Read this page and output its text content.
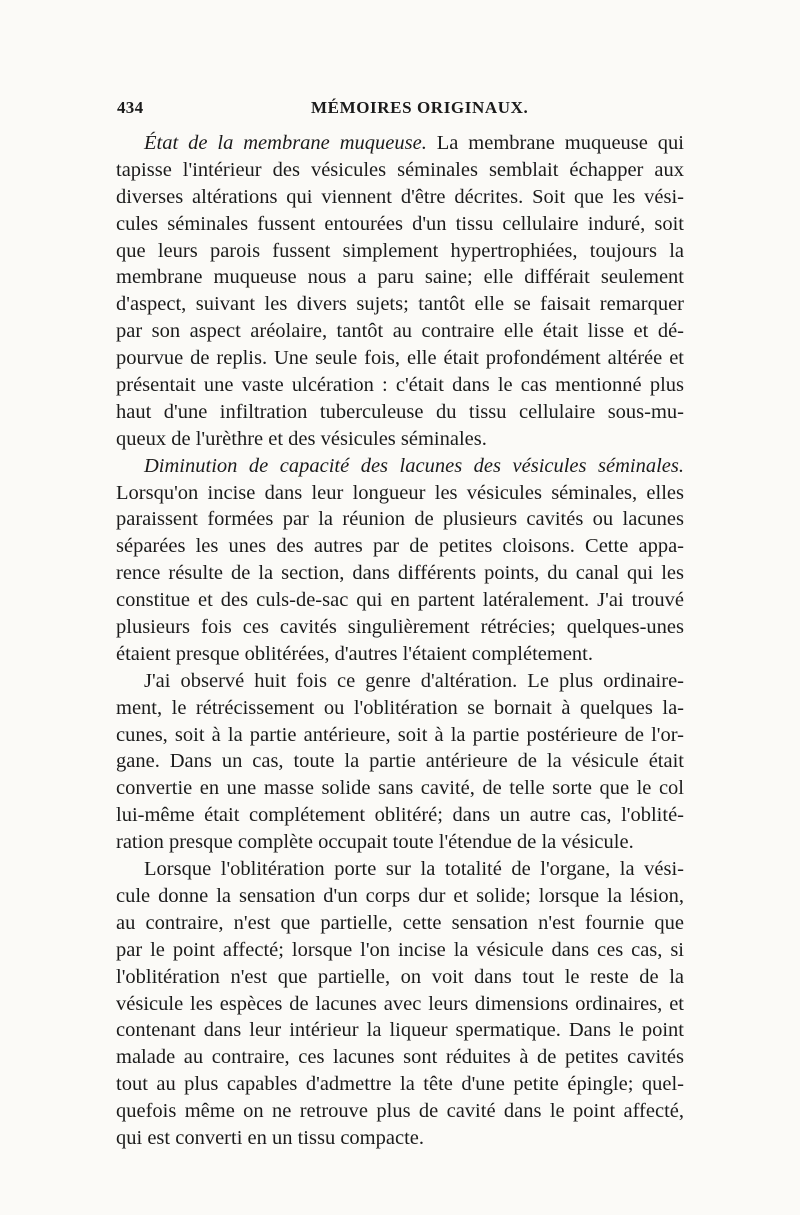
434	MÉMOIRES ORIGINAUX.
État de la membrane muqueuse. La membrane muqueuse qui
tapisse l'intérieur des vésicules séminales semblait échapper aux
diverses altérations qui viennent d'être décrites. Soit que les vési-
cules séminales fussent entourées d'un tissu cellulaire induré, soit
que leurs parois fussent simplement hypertrophiées, toujours la
membrane muqueuse nous a paru saine; elle différait seulement
d'aspect, suivant les divers sujets; tantôt elle se faisait remarquer
par son aspect aréolaire, tantôt au contraire elle était lisse et dé-
pourvue de replis. Une seule fois, elle était profondément altérée et
présentait une vaste ulcération : c'était dans le cas mentionné plus
haut d'une infiltration tuberculeuse du tissu cellulaire sous-mu-
queux de l'urèthre et des vésicules séminales.
Diminution de capacité des lacunes des vésicules séminales.
Lorsqu'on incise dans leur longueur les vésicules séminales, elles
paraissent formées par la réunion de plusieurs cavités ou lacunes
séparées les unes des autres par de petites cloisons. Cette appa-
rence résulte de la section, dans différents points, du canal qui les
constitue et des culs-de-sac qui en partent latéralement. J'ai trouvé
plusieurs fois ces cavités singulièrement rétrécies; quelques-unes
étaient presque oblitérées, d'autres l'étaient complétement.
J'ai observé huit fois ce genre d'altération. Le plus ordinaire-
ment, le rétrécissement ou l'oblitération se bornait à quelques la-
cunes, soit à la partie antérieure, soit à la partie postérieure de l'or-
gane. Dans un cas, toute la partie antérieure de la vésicule était
convertie en une masse solide sans cavité, de telle sorte que le col
lui-même était complétement oblitéré; dans un autre cas, l'oblité-
ration presque complète occupait toute l'étendue de la vésicule.
Lorsque l'oblitération porte sur la totalité de l'organe, la vési-
cule donne la sensation d'un corps dur et solide; lorsque la lésion,
au contraire, n'est que partielle, cette sensation n'est fournie que
par le point affecté; lorsque l'on incise la vésicule dans ces cas, si
l'oblitération n'est que partielle, on voit dans tout le reste de la
vésicule les espèces de lacunes avec leurs dimensions ordinaires, et
contenant dans leur intérieur la liqueur spermatique. Dans le point
malade au contraire, ces lacunes sont réduites à de petites cavités
tout au plus capables d'admettre la tête d'une petite épingle; quel-
quefois même on ne retrouve plus de cavité dans le point affecté,
qui est converti en un tissu compacte.
